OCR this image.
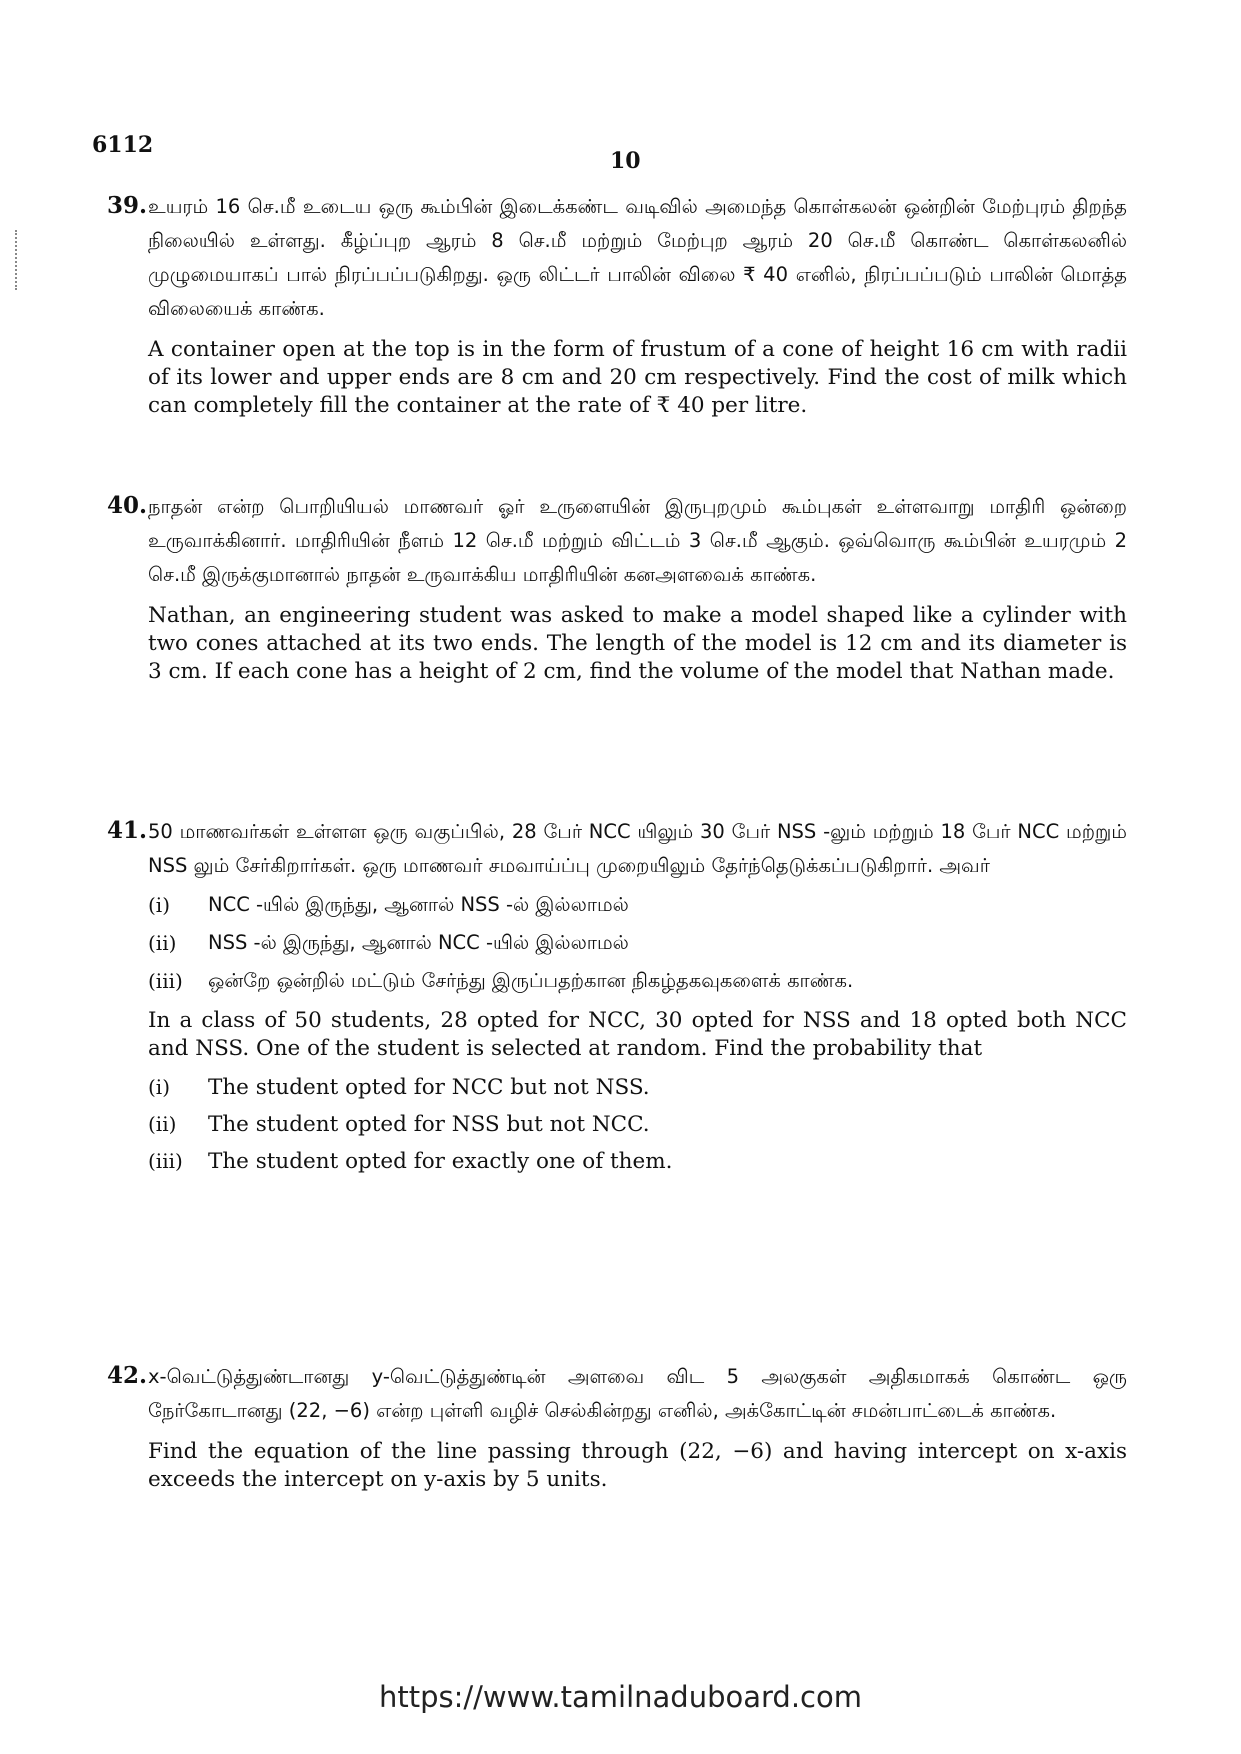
6112
10
39. உயரம் 16 செ.மீ உடைய ஒரு கூம்பின் இடைக்கண்ட வடிவில் அமைந்த கொள்கலன் ஒன்றின் மேற்புரம் திறந்த நிலையில் உள்ளது. கீழ்ப்புற ஆரம் 8 செ.மீ மற்றும் மேற்புற ஆரம் 20 செ.மீ கொண்ட கொள்கலனில் முழுமையாகப் பால் நிரப்பப்படுகிறது. ஒரு லிட்டர் பாலின் விலை ₹ 40 எனில், நிரப்பப்படும் பாலின் மொத்த விலையைக் காண்க.

A container open at the top is in the form of frustum of a cone of height 16 cm with radii of its lower and upper ends are 8 cm and 20 cm respectively. Find the cost of milk which can completely fill the container at the rate of ₹ 40 per litre.

40. நாதன் என்ற பொறியியல் மாணவர் ஓர் உருளையின் இருபுறமும் கூம்புகள் உள்ளவாறு மாதிரி ஒன்றை உருவாக்கினார். மாதிரியின் நீளம் 12 செ.மீ மற்றும் விட்டம் 3 செ.மீ ஆகும். ஒவ்வொரு கூம்பின் உயரமும் 2 செ.மீ இருக்குமானால் நாதன் உருவாக்கிய மாதிரியின் கனஅளவைக் காண்க.

Nathan, an engineering student was asked to make a model shaped like a cylinder with two cones attached at its two ends. The length of the model is 12 cm and its diameter is 3 cm. If each cone has a height of 2 cm, find the volume of the model that Nathan made.

41. 50 மாணவர்கள் உள்ளள ஒரு வகுப்பில், 28 பேர் NCC யிலும் 30 பேர் NSS -லும் மற்றும் 18 பேர் NCC மற்றும் NSS லும் சேர்கிறார்கள். ஒரு மாணவர் சமவாய்ப்பு முறையிலும் தேர்ந்தெடுக்கப்படுகிறார். அவர்

(i)	NCC -யில் இருந்து, ஆனால் NSS -ல் இல்லாமல்
(ii)	NSS -ல் இருந்து, ஆனால் NCC -யில் இல்லாமல்
(iii)	ஒன்றே ஒன்றில் மட்டும் சேர்ந்து இருப்பதற்கான நிகழ்தகவுகளைக் காண்க.

In a class of 50 students, 28 opted for NCC, 30 opted for NSS and 18 opted both NCC and NSS. One of the student is selected at random. Find the probability that

(i)	The student opted for NCC but not NSS.
(ii)	The student opted for NSS but not NCC.
(iii)	The student opted for exactly one of them.
42. x-வெட்டுத்துண்டானது y-வெட்டுத்துண்டின் அளவை விட 5 அலகுகள் அதிகமாகக் கொண்ட ஒரு நேர்கோடானது (22, −6) என்ற புள்ளி வழிச் செல்கின்றது எனில், அக்கோட்டின் சமன்பாட்டைக் காண்க.

Find the equation of the line passing through (22, −6) and having intercept on x-axis exceeds the intercept on y-axis by 5 units.

https://www.tamilnaduboard.com
